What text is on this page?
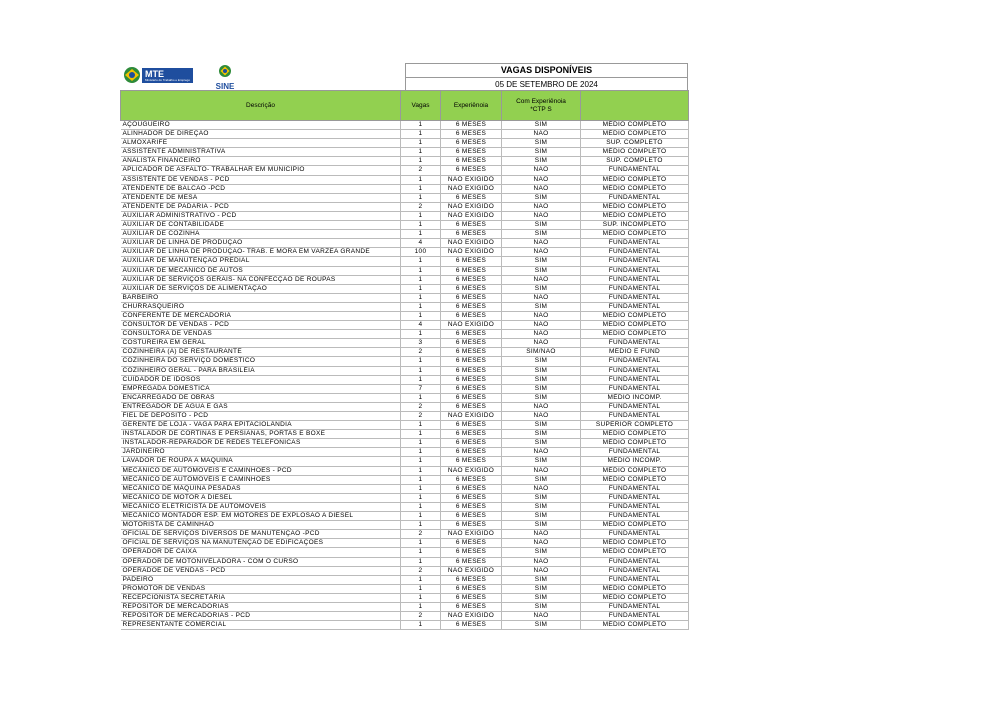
MTE
Ministério do Trabalho e Emprego
SINE
VAGAS DISPONÍVEIS
05 DE SETEMBRO DE 2024
Descrição	Vagas	Experiênoia	Com Experiênoia
*CTP S	
AÇOUGUEIRO	1	6 MESES	SIM	MÉDIO COMPLETO
ALINHADOR DE DIREÇÃO	1	6 MESES	NÃO	MÉDIO COMPLETO
ALMOXARIFE	1	6 MESES	SIM	SUP. COMPLETO
ASSISTENTE ADMINISTRATIVA	1	6 MESES	SIM	MÉDIO COMPLETO
ANALISTA FINANCEIRO	1	6 MESES	SIM	SUP. COMPLETO
APLICADOR DE ASFALTO- TRABALHAR EM MUNICÍPIO	2	6 MESES	NÃO	FUNDAMENTAL
ASSISTENTE DE VENDAS - PCD	1	NÃO EXIGIDO	NÃO	MÉDIO COMPLETO
ATENDENTE DE BALCÃO -PCD	1	NÃO EXIGIDO	NÃO	MÉDIO COMPLETO
ATENDENTE DE MESA	1	6 MESES	SIM	FUNDAMENTAL
ATENDENTE DE PADARIA - PCD	2	NÃO EXIGIDO	NÃO	MÉDIO COMPLETO
AUXILIAR ADMINISTRATIVO - PCD	1	NÃO EXIGIDO	NÃO	MÉDIO COMPLETO
AUXILIAR DE CONTABILIDADE	1	6 MESES	SIM	SUP. INCOMPLETO
AUXILIAR DE COZINHA	1	6 MESES	SIM	MÉDIO COMPLETO
AUXILIAR DE LINHA DE PRODUÇÃO	4	NÃO EXIGIDO	NÃO	FUNDAMENTAL
AUXILIAR DE LINHA DE PRODUÇÃO- TRAB. E MORA EM VARZEA GRANDE	100	NÃO EXIGIDO	NÃO	FUNDAMENTAL
AUXILIAR DE MANUTENÇÃO PREDIAL	1	6 MESES	SIM	FUNDAMENTAL
AUXILIAR DE MECÂNICO DE AUTOS	1	6 MESES	SIM	FUNDAMENTAL
AUXILIAR DE SERVIÇOS GERAIS- NA CONFECÇÃO DE ROUPAS	1	6 MESES	NÃO	FUNDAMENTAL
AUXILIAR DE SERVIÇOS DE ALIMENTAÇÃO	1	6 MESES	SIM	FUNDAMENTAL
BARBEIRO	1	6 MESES	NÃO	FUNDAMENTAL
CHURRASQUEIRO	1	6 MESES	SIM	FUNDAMENTAL
CONFERENTE DE MERCADORIA	1	6 MESES	NÃO	MÉDIO COMPLETO
CONSULTOR DE VENDAS - PCD	4	NÃO EXIGIDO	NÃO	MÉDIO COMPLETO
CONSULTORA DE VENDAS	1	6 MESES	NÃO	MÉDIO COMPLETO
COSTUREIRA EM GERAL	3	6 MESES	NÃO	FUNDAMENTAL
COZINHEIRA (A) DE RESTAURANTE	2	6 MESES	SIM/NÃO	MÉDIO E FUND
COZINHEIRA DO SERVIÇO DOMÉSTICO	1	6 MESES	SIM	FUNDAMENTAL
COZINHEIRO GERAL - PARA BRASILÉIA	1	6 MESES	SIM	FUNDAMENTAL
CUIDADOR DE IDOSOS	1	6 MESES	SIM	FUNDAMENTAL
EMPREGADA DOMÉSTICA	7	6 MESES	SIM	FUNDAMENTAL
ENCARREGADO DE OBRAS	1	6 MESES	SIM	MÉDIO INCOMP.
ENTREGADOR DE ÁGUA E GÁS	2	6 MESES	NÃO	FUNDAMENTAL
FIEL DE DEPOSITO - PCD	2	NÃO EXIGIDO	NÃO	FUNDAMENTAL
GERENTE DE LOJA - VAGA PARA EPITACIOLÂNDIA	1	6 MESES	SIM	SUPERIOR COMPLETO
INSTALADOR DE CORTINAS E PERSIANAS, PORTAS E BOXE	1	6 MESES	SIM	MÉDIO COMPLETO
INSTALADOR-REPARADOR DE REDES TELEFÔNICAS	1	6 MESES	SIM	MÉDIO COMPLETO
JARDINEIRO	1	6 MESES	NÃO	FUNDAMENTAL
LAVADOR DE ROUPA A MAQUINA	1	6 MESES	SIM	MÉDIO INCOMP.
MECÂNICO DE AUTOMÓVEIS E CAMINHÕES - PCD	1	NÃO EXIGIDO	NÃO	MÉDIO COMPLETO
MECÂNICO DE AUTOMÓVEIS E CAMINHÕES	1	6 MESES	SIM	MÉDIO COMPLETO
MECÂNICO DE MÁQUINA PESADAS	1	6 MESES	NÃO	FUNDAMENTAL
MECÂNICO DE MOTOR A DIESEL	1	6 MESES	SIM	FUNDAMENTAL
MECÂNICO ELETRICISTA DE AUTOMÓVEIS	1	6 MESES	SIM	FUNDAMENTAL
MECÂNICO MONTADOR ESP. EM MOTORES DE EXPLOSÃO A DIESEL	1	6 MESES	SIM	FUNDAMENTAL
MOTORISTA DE CAMINHÃO	1	6 MESES	SIM	MÉDIO COMPLETO
OFICIAL DE SERVIÇOS DIVERSOS DE MANUTENÇÃO -PCD	2	NÃO EXIGIDO	NÃO	FUNDAMENTAL
OFICIAL DE SERVIÇOS NA MANUTENÇÃO DE EDIFICAÇÕES	1	6 MESES	NÃO	MÉDIO COMPLETO
OPERADOR DE CAIXA	1	6 MESES	SIM	MÉDIO COMPLETO
OPERADOR DE MOTONIVELADORA - COM O CURSO	1	6 MESES	NÃO	FUNDAMENTAL
OPERADOE DE VENDAS - PCD	2	NÃO EXIGIDO	NÃO	FUNDAMENTAL
PADEIRO	1	6 MESES	SIM	FUNDAMENTAL
PROMOTOR DE VENDAS	1	6 MESES	SIM	MÉDIO COMPLETO
RECEPCIONISTA SECRETÁRIA	1	6 MESES	SIM	MÉDIO COMPLETO
REPOSITOR DE MERCADORIAS	1	6 MESES	SIM	FUNDAMENTAL
REPOSITOR DE MERCADORIAS - PCD	2	NÃO EXIGIDO	NÃO	FUNDAMENTAL
REPRESENTANTE COMERCIAL	1	6 MESES	SIM	MÉDIO COMPLETO
